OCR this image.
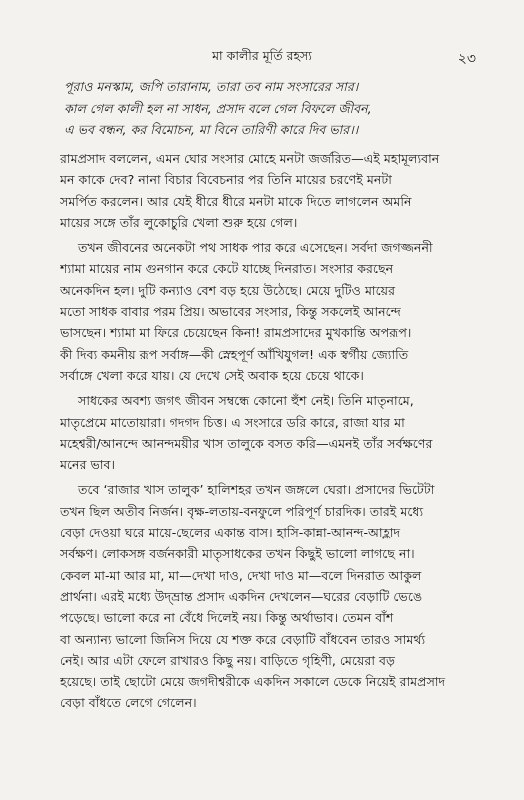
মা কালীর মূর্তি রহস্য	২৩
পূরাও মনস্কাম, জপি তারানাম, তারা তব নাম সংসারের সার।
কাল গেল কালী হল না সাধন, প্রসাদ বলে গেল বিফলে জীবন,
এ ভব বন্ধন, কর বিমোচন, মা বিনে তারিণী কারে দিব ভার।।
রামপ্রসাদ বললেন, এমন ঘোর সংসার মোহে মনটা জর্জরিত—এই মহামূল্যবান
মন কাকে দেব? নানা বিচার বিবেচনার পর তিনি মায়ের চরণেই মনটা
সমর্পিত করলেন। আর যেই ধীরে ধীরে মনটা মাকে দিতে লাগলেন অমনি
মায়ের সঙ্গে তাঁর লুকোচুরি খেলা শুরু হয়ে গেল।
তখন জীবনের অনেকটা পথ সাধক পার করে এসেছেন। সর্বদা জগজ্জননী
শ্যামা মায়ের নাম গুনগান করে কেটে যাচ্ছে দিনরাত। সংসার করছেন
অনেকদিন হল। দুটি কন্যাও বেশ বড় হয়ে উঠেছে। মেয়ে দুটিও মায়ের
মতো সাধক বাবার পরম প্রিয়। অভাবের সংসার, কিন্তু সকলেই আনন্দে
ভাসছেন। শ্যামা মা ফিরে চেয়েছেন কিনা! রামপ্রসাদের মুখকান্তি অপরূপ।
কী দিব্য কমনীয় রূপ সর্বাঙ্গ—কী স্নেহপূর্ণ আঁখিযুগল! এক স্বর্গীয় জ্যোতি
সর্বাঙ্গে খেলা করে যায়। যে দেখে সেই অবাক হয়ে চেয়ে থাকে।
সাধকের অবশ্য জগৎ জীবন সম্বন্ধে কোনো হুঁশ নেই। তিনি মাতৃনামে,
মাতৃপ্রেমে মাতোয়ারা। গদগদ চিত্ত। এ সংসারে ডরি কারে, রাজা যার মা
মহেশ্বরী/আনন্দে আনন্দময়ীর খাস তালুকে বসত করি—এমনই তাঁর সর্বক্ষণের
মনের ভাব।
তবে ‘রাজার খাস তালুক’ হালিশহর তখন জঙ্গলে ঘেরা। প্রসাদের ভিটেটা
তখন ছিল অতীব নির্জন। বৃক্ষ-লতায়-বনফুলে পরিপূর্ণ চারদিক। তারই মধ্যে
বেড়া দেওয়া ঘরে মায়ে-ছেলের একান্ত বাস। হাসি-কান্না-আনন্দ-আহ্লাদ
সর্বক্ষণ। লোকসঙ্গ বর্জনকারী মাতৃসাধকের তখন কিছুই ভালো লাগছে না।
কেবল মা-মা আর মা, মা—দেখা দাও, দেখা দাও মা—বলে দিনরাত আকুল
প্রার্থনা। এরই মধ্যে উদ্‌ভ্রান্ত প্রসাদ একদিন দেখলেন—ঘরের বেড়াটি ভেঙে
পড়েছে। ভালো করে না বেঁধে দিলেই নয়। কিন্তু অর্থাভাব। তেমন বাঁশ
বা অন্যান্য ভালো জিনিস দিয়ে যে শক্ত করে বেড়াটি বাঁধবেন তারও সামর্থ্য
নেই। আর এটা ফেলে রাখারও কিছু নয়। বাড়িতে গৃহিণী, মেয়েরা বড়
হয়েছে। তাই ছোটো মেয়ে জগদীশ্বরীকে একদিন সকালে ডেকে নিয়েই রামপ্রসাদ
বেড়া বাঁধতে লেগে গেলেন।
